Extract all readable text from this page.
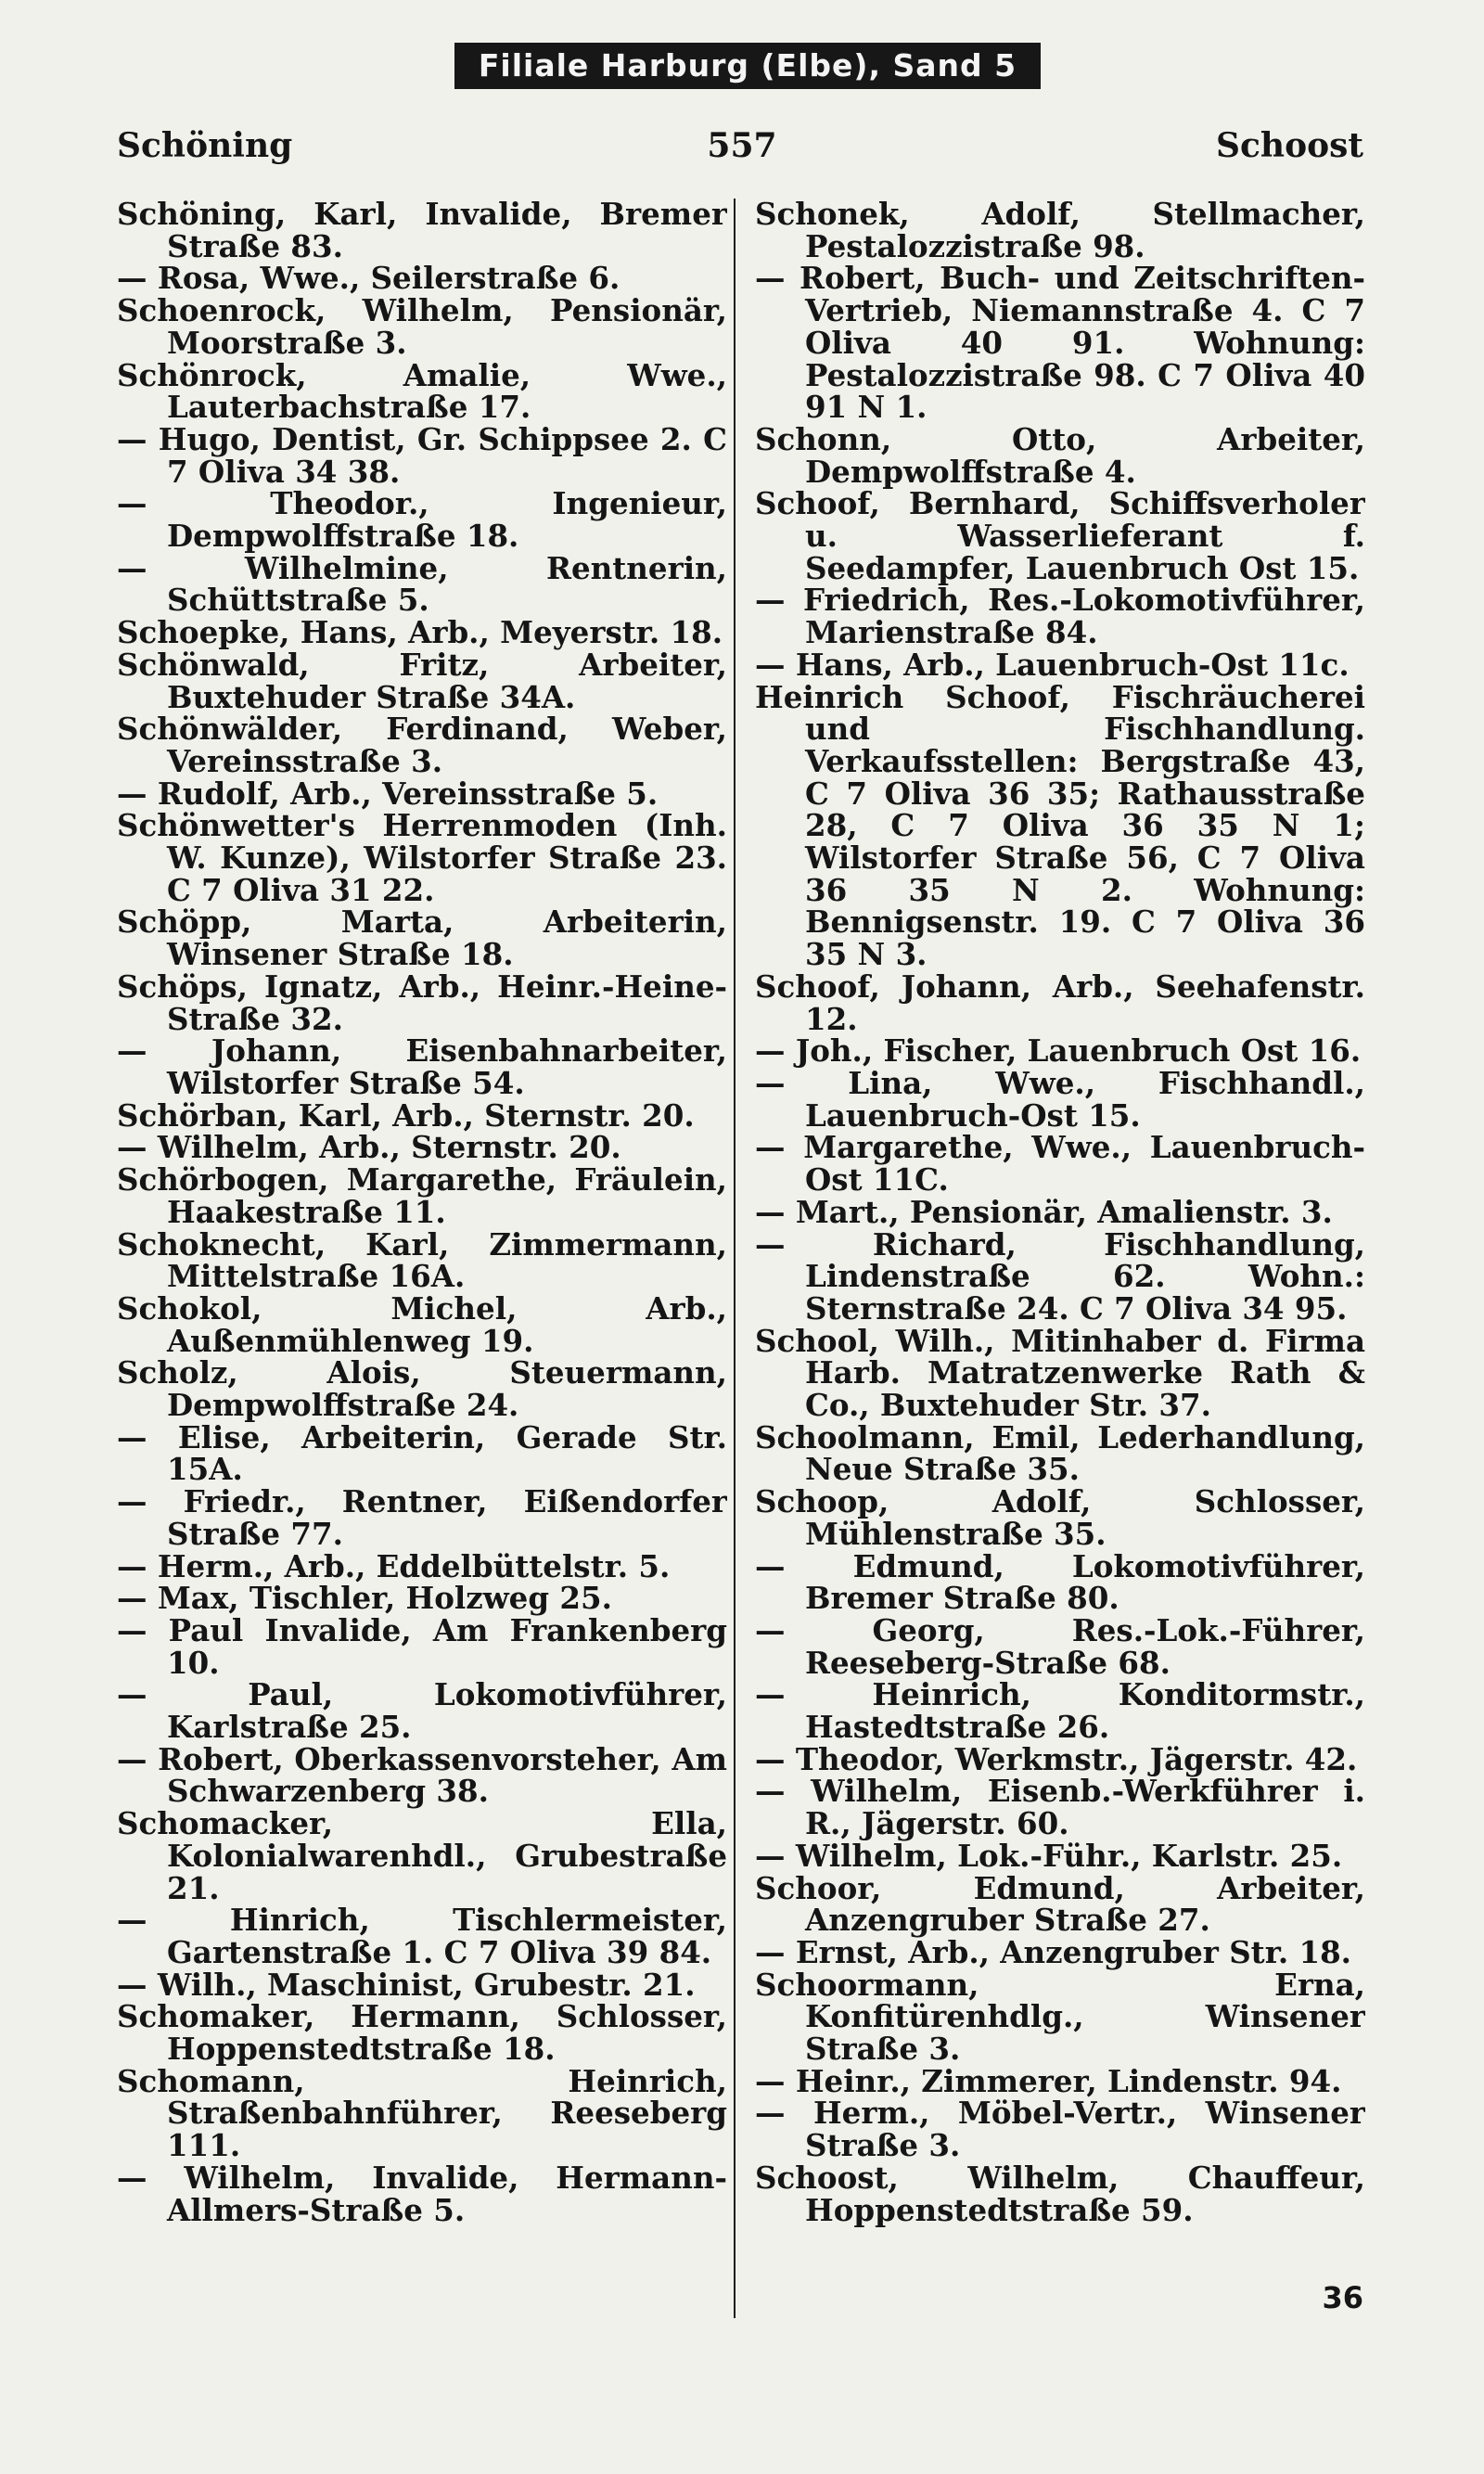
Filiale Harburg (Elbe), Sand 5
Schöning	557	Schoost

Schöning, Karl, Invalide, Bremer Straße 83.

— Rosa, Wwe., Seilerstraße 6.

Schoenrock, Wilhelm, Pensionär, Moorstraße 3.

Schönrock, Amalie, Wwe., Lauterbachstraße 17.

— Hugo, Dentist, Gr. Schippsee 2. C 7 Oliva 34 38.

— Theodor., Ingenieur, Dempwolffstraße 18.

— Wilhelmine, Rentnerin, Schüttstraße 5.

Schoepke, Hans, Arb., Meyerstr. 18.

Schönwald, Fritz, Arbeiter, Buxtehuder Straße 34A.

Schönwälder, Ferdinand, Weber, Vereinsstraße 3.

— Rudolf, Arb., Vereinsstraße 5.

Schönwetter's Herrenmoden (Inh. W. Kunze), Wilstorfer Straße 23. C 7 Oliva 31 22.

Schöpp, Marta, Arbeiterin, Winsener Straße 18.

Schöps, Ignatz, Arb., Heinr.-Heine-Straße 32.

— Johann, Eisenbahnarbeiter, Wilstorfer Straße 54.

Schörban, Karl, Arb., Sternstr. 20.

— Wilhelm, Arb., Sternstr. 20.

Schörbogen, Margarethe, Fräulein, Haakestraße 11.

Schoknecht, Karl, Zimmermann, Mittelstraße 16A.

Schokol, Michel, Arb., Außenmühlenweg 19.

Scholz, Alois, Steuermann, Dempwolffstraße 24.

— Elise, Arbeiterin, Gerade Str. 15A.

— Friedr., Rentner, Eißendorfer Straße 77.

— Herm., Arb., Eddelbüttelstr. 5.

— Max, Tischler, Holzweg 25.

— Paul Invalide, Am Frankenberg 10.

— Paul, Lokomotivführer, Karlstraße 25.

— Robert, Oberkassenvorsteher, Am Schwarzenberg 38.

Schomacker, Ella, Kolonialwarenhdl., Grubestraße 21.

— Hinrich, Tischlermeister, Gartenstraße 1. C 7 Oliva 39 84.

— Wilh., Maschinist, Grubestr. 21.

Schomaker, Hermann, Schlosser, Hoppenstedtstraße 18.

Schomann, Heinrich, Straßenbahnführer, Reeseberg 111.

— Wilhelm, Invalide, Hermann-Allmers-Straße 5.

Schonek, Adolf, Stellmacher, Pestalozzistraße 98.

— Robert, Buch- und Zeitschriften-Vertrieb, Niemannstraße 4. C 7 Oliva 40 91. Wohnung: Pestalozzistraße 98. C 7 Oliva 40 91 N 1.

Schonn, Otto, Arbeiter, Dempwolffstraße 4.

Schoof, Bernhard, Schiffsverholer u. Wasserlieferant f. Seedampfer, Lauenbruch Ost 15.

— Friedrich, Res.-Lokomotivführer, Marienstraße 84.

— Hans, Arb., Lauenbruch-Ost 11c.

Heinrich Schoof, Fischräucherei und Fischhandlung. Verkaufsstellen: Bergstraße 43, C 7 Oliva 36 35; Rathausstraße 28, C 7 Oliva 36 35 N 1; Wilstorfer Straße 56, C 7 Oliva 36 35 N 2. Wohnung: Bennigsenstr. 19. C 7 Oliva 36 35 N 3.

Schoof, Johann, Arb., Seehafenstr. 12.

— Joh., Fischer, Lauenbruch Ost 16.

— Lina, Wwe., Fischhandl., Lauenbruch-Ost 15.

— Margarethe, Wwe., Lauenbruch-Ost 11C.

— Mart., Pensionär, Amalienstr. 3.

— Richard, Fischhandlung, Lindenstraße 62. Wohn.: Sternstraße 24. C 7 Oliva 34 95.

School, Wilh., Mitinhaber d. Firma Harb. Matratzenwerke Rath & Co., Buxtehuder Str. 37.

Schoolmann, Emil, Lederhandlung, Neue Straße 35.

Schoop, Adolf, Schlosser, Mühlenstraße 35.

— Edmund, Lokomotivführer, Bremer Straße 80.

— Georg, Res.-Lok.-Führer, Reeseberg-Straße 68.

— Heinrich, Konditormstr., Hastedtstraße 26.

— Theodor, Werkmstr., Jägerstr. 42.

— Wilhelm, Eisenb.-Werkführer i. R., Jägerstr. 60.

— Wilhelm, Lok.-Führ., Karlstr. 25.

Schoor, Edmund, Arbeiter, Anzengruber Straße 27.

— Ernst, Arb., Anzengruber Str. 18.

Schoormann, Erna, Konfitürenhdlg., Winsener Straße 3.

— Heinr., Zimmerer, Lindenstr. 94.

— Herm., Möbel-Vertr., Winsener Straße 3.

Schoost, Wilhelm, Chauffeur, Hoppenstedtstraße 59.

36
